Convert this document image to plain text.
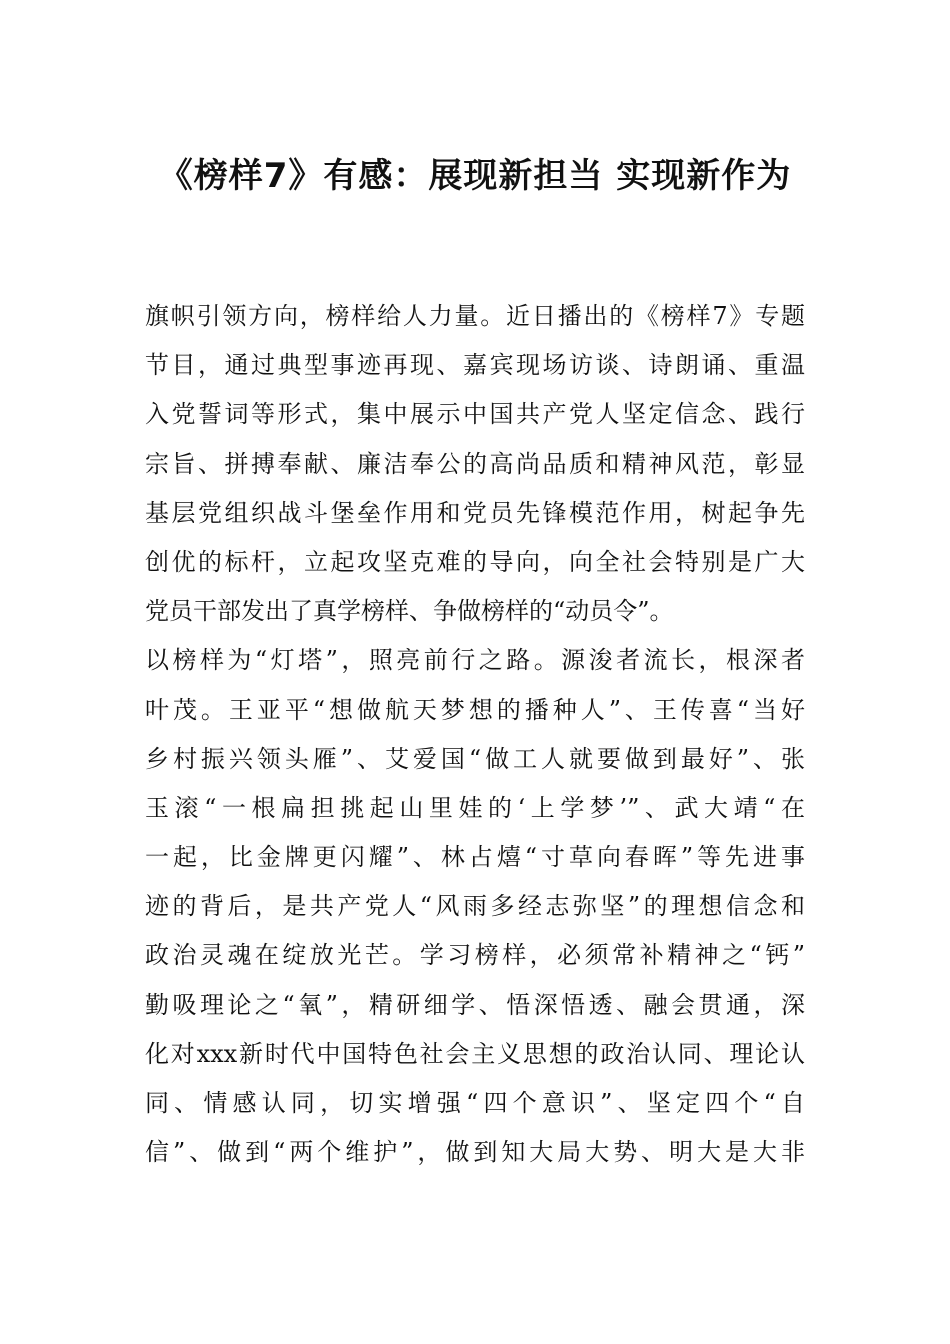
《榜样7》有感：展现新担当 实现新作为

旗帜引领方向，榜样给人力量。近日播出的《榜样7》专题

节目，通过典型事迹再现、嘉宾现场访谈、诗朗诵、重温

入党誓词等形式，集中展示中国共产党人坚定信念、践行

宗旨、拼搏奉献、廉洁奉公的高尚品质和精神风范，彰显

基层党组织战斗堡垒作用和党员先锋模范作用，树起争先

创优的标杆，立起攻坚克难的导向，向全社会特别是广大

党员干部发出了真学榜样、争做榜样的“动员令”。

以榜样为“灯塔”，照亮前行之路。源浚者流长，根深者

叶茂。王亚平“想做航天梦想的播种人”、王传喜“当好

乡村振兴领头雁”、艾爱国“做工人就要做到最好”、张

玉滚“一根扁担挑起山里娃的‘上学梦’”、武大靖“在

一起，比金牌更闪耀”、林占熺“寸草向春晖”等先进事

迹的背后，是共产党人“风雨多经志弥坚”的理想信念和

政治灵魂在绽放光芒。学习榜样，必须常补精神之“钙”

勤吸理论之“氧”，精研细学、悟深悟透、融会贯通，深

化对xxx新时代中国特色社会主义思想的政治认同、理论认

同、情感认同，切实增强“四个意识”、坚定四个“自

信”、做到“两个维护”，做到知大局大势、明大是大非
